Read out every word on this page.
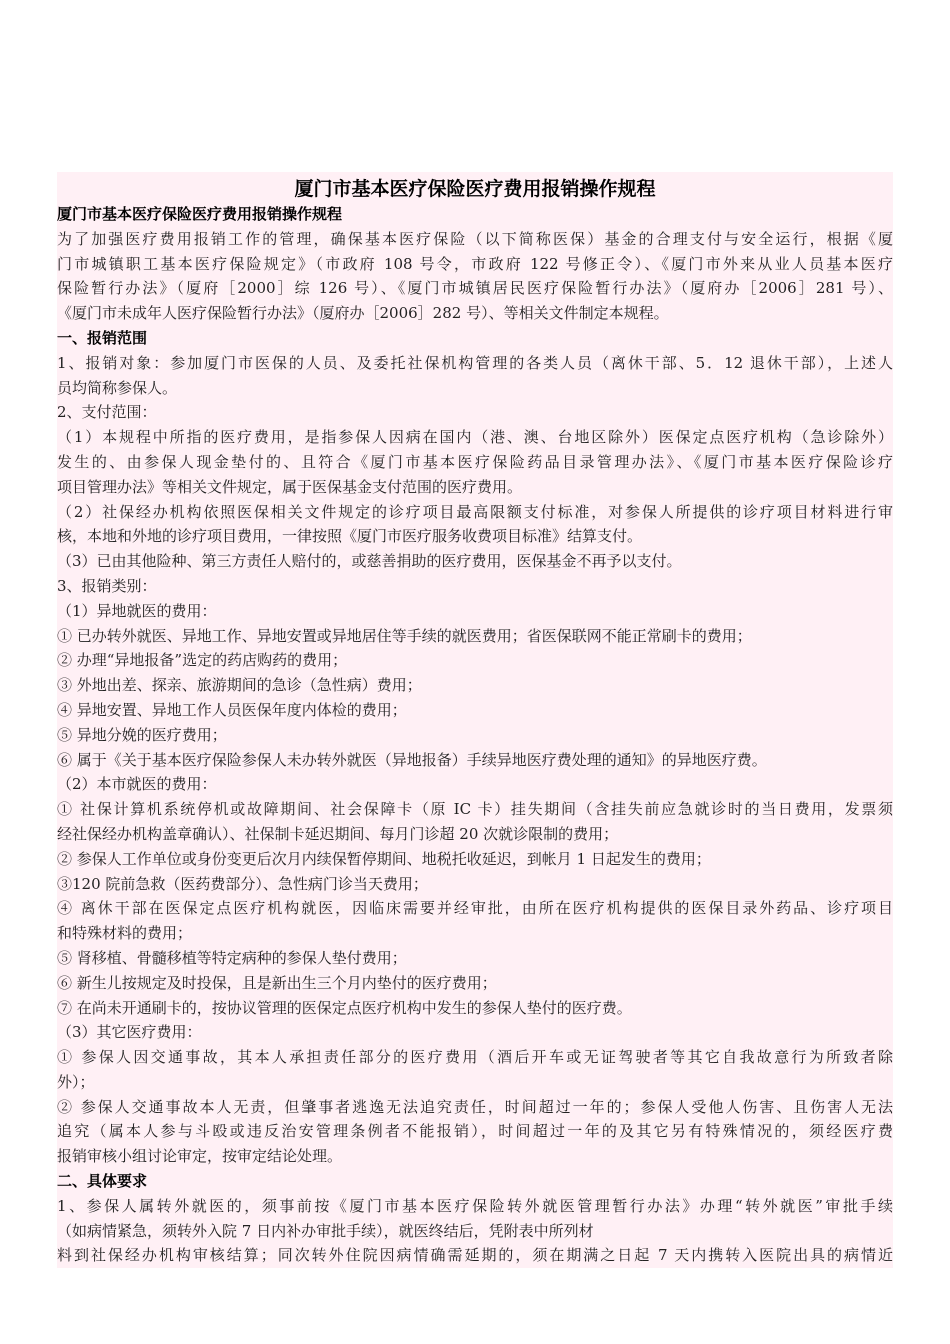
厦门市基本医疗保险医疗费用报销操作规程
厦门市基本医疗保险医疗费用报销操作规程
为了加强医疗费用报销工作的管理，确保基本医疗保险（以下简称医保）基金的合理支付与安全运行，根据《厦
门市城镇职工基本医疗保险规定》（市政府 108 号令，市政府 122 号修正令）、《厦门市外来从业人员基本医疗
保险暂行办法》（厦府［2000］综 126 号）、《厦门市城镇居民医疗保险暂行办法》（厦府办［2006］281 号）、
《厦门市未成年人医疗保险暂行办法》（厦府办［2006］282 号）、等相关文件制定本规程。
一、报销范围
1、报销对象：参加厦门市医保的人员、及委托社保机构管理的各类人员（离休干部、5．12 退休干部），上述人
员均简称参保人。
2、支付范围：
（1）本规程中所指的医疗费用，是指参保人因病在国内（港、澳、台地区除外）医保定点医疗机构（急诊除外）
发生的、由参保人现金垫付的、且符合《厦门市基本医疗保险药品目录管理办法》、《厦门市基本医疗保险诊疗
项目管理办法》等相关文件规定，属于医保基金支付范围的医疗费用。
（2）社保经办机构依照医保相关文件规定的诊疗项目最高限额支付标准，对参保人所提供的诊疗项目材料进行审
核，本地和外地的诊疗项目费用，一律按照《厦门市医疗服务收费项目标准》结算支付。
（3）已由其他险种、第三方责任人赔付的，或慈善捐助的医疗费用，医保基金不再予以支付。
3、报销类别：
（1）异地就医的费用：
① 已办转外就医、异地工作、异地安置或异地居住等手续的就医费用；省医保联网不能正常刷卡的费用；
② 办理“异地报备”选定的药店购药的费用；
③ 外地出差、探亲、旅游期间的急诊（急性病）费用；
④ 异地安置、异地工作人员医保年度内体检的费用；
⑤ 异地分娩的医疗费用；
⑥ 属于《关于基本医疗保险参保人未办转外就医（异地报备）手续异地医疗费处理的通知》的异地医疗费。
（2）本市就医的费用：
① 社保计算机系统停机或故障期间、社会保障卡（原 IC 卡）挂失期间（含挂失前应急就诊时的当日费用，发票须
经社保经办机构盖章确认）、社保制卡延迟期间、每月门诊超 20 次就诊限制的费用；
② 参保人工作单位或身份变更后次月内续保暂停期间、地税托收延迟，到帐月 1 日起发生的费用；
③120 院前急救（医药费部分）、急性病门诊当天费用；
④ 离休干部在医保定点医疗机构就医，因临床需要并经审批，由所在医疗机构提供的医保目录外药品、诊疗项目
和特殊材料的费用；
⑤ 肾移植、骨髓移植等特定病种的参保人垫付费用；
⑥ 新生儿按规定及时投保，且是新出生三个月内垫付的医疗费用；
⑦ 在尚未开通刷卡的，按协议管理的医保定点医疗机构中发生的参保人垫付的医疗费。
（3）其它医疗费用：
① 参保人因交通事故，其本人承担责任部分的医疗费用（酒后开车或无证驾驶者等其它自我故意行为所致者除
外）；
② 参保人交通事故本人无责，但肇事者逃逸无法追究责任，时间超过一年的；参保人受他人伤害、且伤害人无法
追究（属本人参与斗殴或违反治安管理条例者不能报销），时间超过一年的及其它另有特殊情况的，须经医疗费
报销审核小组讨论审定，按审定结论处理。
二、具体要求
1、参保人属转外就医的，须事前按《厦门市基本医疗保险转外就医管理暂行办法》办理“转外就医”审批手续
（如病情紧急，须转外入院 7 日内补办审批手续），就医终结后，凭附表中所列材
料到社保经办机构审核结算；同次转外住院因病情确需延期的，须在期满之日起 7 天内携转入医院出具的病情近
